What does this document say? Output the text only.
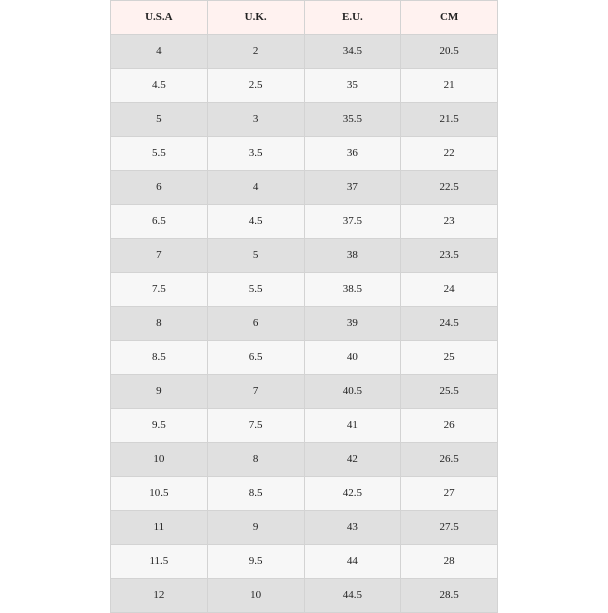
U.S.A	U.K.	E.U.	CM
4	2	34.5	20.5
4.5	2.5	35	21
5	3	35.5	21.5
5.5	3.5	36	22
6	4	37	22.5
6.5	4.5	37.5	23
7	5	38	23.5
7.5	5.5	38.5	24
8	6	39	24.5
8.5	6.5	40	25
9	7	40.5	25.5
9.5	7.5	41	26
10	8	42	26.5
10.5	8.5	42.5	27
11	9	43	27.5
11.5	9.5	44	28
12	10	44.5	28.5
